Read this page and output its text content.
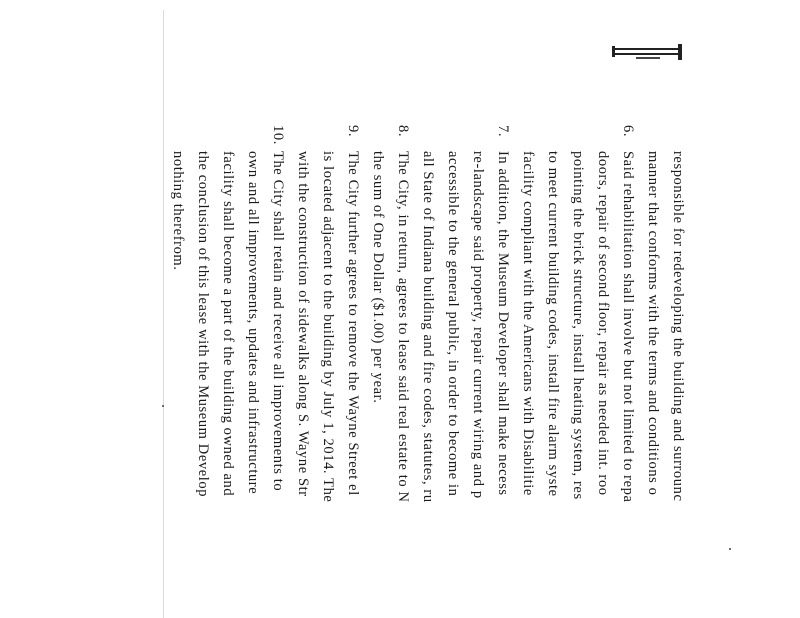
responsible for redeveloping the building and surrounc
manner that conforms with the terms and conditions o
6.Said rehabilitation shall involve but not limited to repa
doors, repair of second floor, repair as needed int. roo
pointing the brick structure, install heating system, res
to meet current building codes, install fire alarm syste
facility compliant with the Americans with Disabilitie
7.In addition, the Museum Developer shall make necess
re-landscape said property, repair current wiring and p
accessible to the general public, in order to become in
all State of Indiana building and fire codes, statutes, ru
8.The City, in return, agrees to lease said real estate to N
the sum of One Dollar ($1.00) per year.
9.The City further agrees to remove the Wayne Street el
is located adjacent to the building by July 1, 2014. The
with the construction of sidewalks along S. Wayne Str
10.The City shall retain and receive all improvements to
own and all improvements, updates and infrastructure
facility shall become a part of the building owned and
the conclusion of this lease with the Museum Develop
nothing therefrom.
